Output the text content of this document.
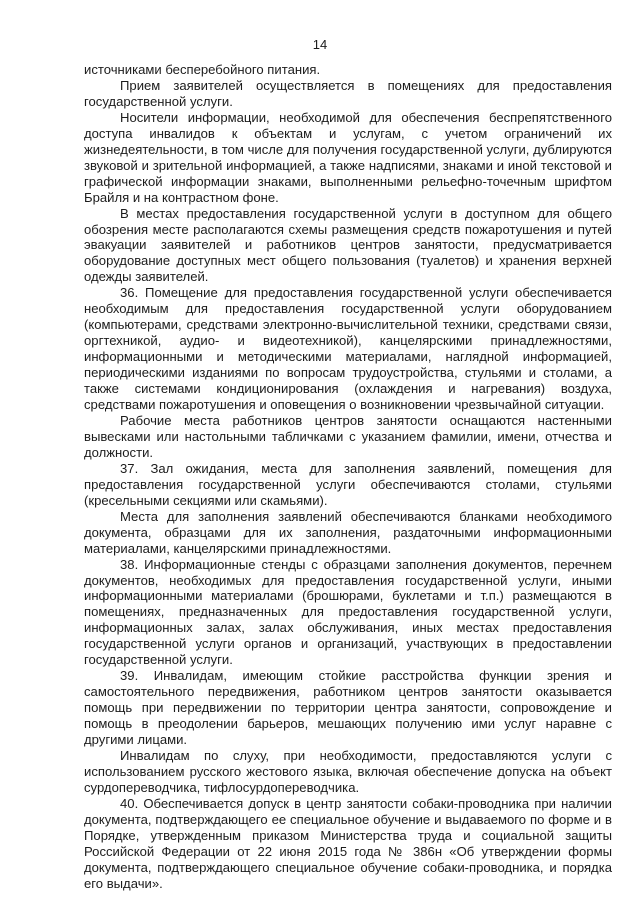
14

источниками бесперебойного питания.

Прием заявителей осуществляется в помещениях для предоставления государственной услуги.

Носители информации, необходимой для обеспечения беспрепятственного доступа инвалидов к объектам и услугам, с учетом ограничений их жизнедеятельности, в том числе для получения государственной услуги, дублируются звуковой и зрительной информацией, а также надписями, знаками и иной текстовой и графической информации знаками, выполненными рельефно-точечным шрифтом Брайля и на контрастном фоне.

В местах предоставления государственной услуги в доступном для общего обозрения месте располагаются схемы размещения средств пожаротушения и путей эвакуации заявителей и работников центров занятости, предусматривается оборудование доступных мест общего пользования (туалетов) и хранения верхней одежды заявителей.

36. Помещение для предоставления государственной услуги обеспечивается необходимым для предоставления государственной услуги оборудованием (компьютерами, средствами электронно-вычислительной техники, средствами связи, оргтехникой, аудио- и видеотехникой), канцелярскими принадлежностями, информационными и методическими материалами, наглядной информацией, периодическими изданиями по вопросам трудоустройства, стульями и столами, а также системами кондиционирования (охлаждения и нагревания) воздуха, средствами пожаротушения и оповещения о возникновении чрезвычайной ситуации.

Рабочие места работников центров занятости оснащаются настенными вывесками или настольными табличками с указанием фамилии, имени, отчества и должности.

37. Зал ожидания, места для заполнения заявлений, помещения для предоставления государственной услуги обеспечиваются столами, стульями (кресельными секциями или скамьями).

Места для заполнения заявлений обеспечиваются бланками необходимого документа, образцами для их заполнения, раздаточными информационными материалами, канцелярскими принадлежностями.

38. Информационные стенды с образцами заполнения документов, перечнем документов, необходимых для предоставления государственной услуги, иными информационными материалами (брошюрами, буклетами и т.п.) размещаются в помещениях, предназначенных для предоставления государственной услуги, информационных залах, залах обслуживания, иных местах предоставления государственной услуги органов и организаций, участвующих в предоставлении государственной услуги.

39. Инвалидам, имеющим стойкие расстройства функции зрения и самостоятельного передвижения, работником центров занятости оказывается помощь при передвижении по территории центра занятости, сопровождение и помощь в преодолении барьеров, мешающих получению ими услуг наравне с другими лицами.

Инвалидам по слуху, при необходимости, предоставляются услуги с использованием русского жестового языка, включая обеспечение допуска на объект сурдопереводчика, тифлосурдопереводчика.

40. Обеспечивается допуск в центр занятости собаки-проводника при наличии документа, подтверждающего ее специальное обучение и выдаваемого по форме и в Порядке, утвержденным приказом Министерства труда и социальной защиты Российской Федерации от 22 июня 2015 года № 386н «Об утверждении формы документа, подтверждающего специальное обучение собаки-проводника, и порядка его выдачи».
